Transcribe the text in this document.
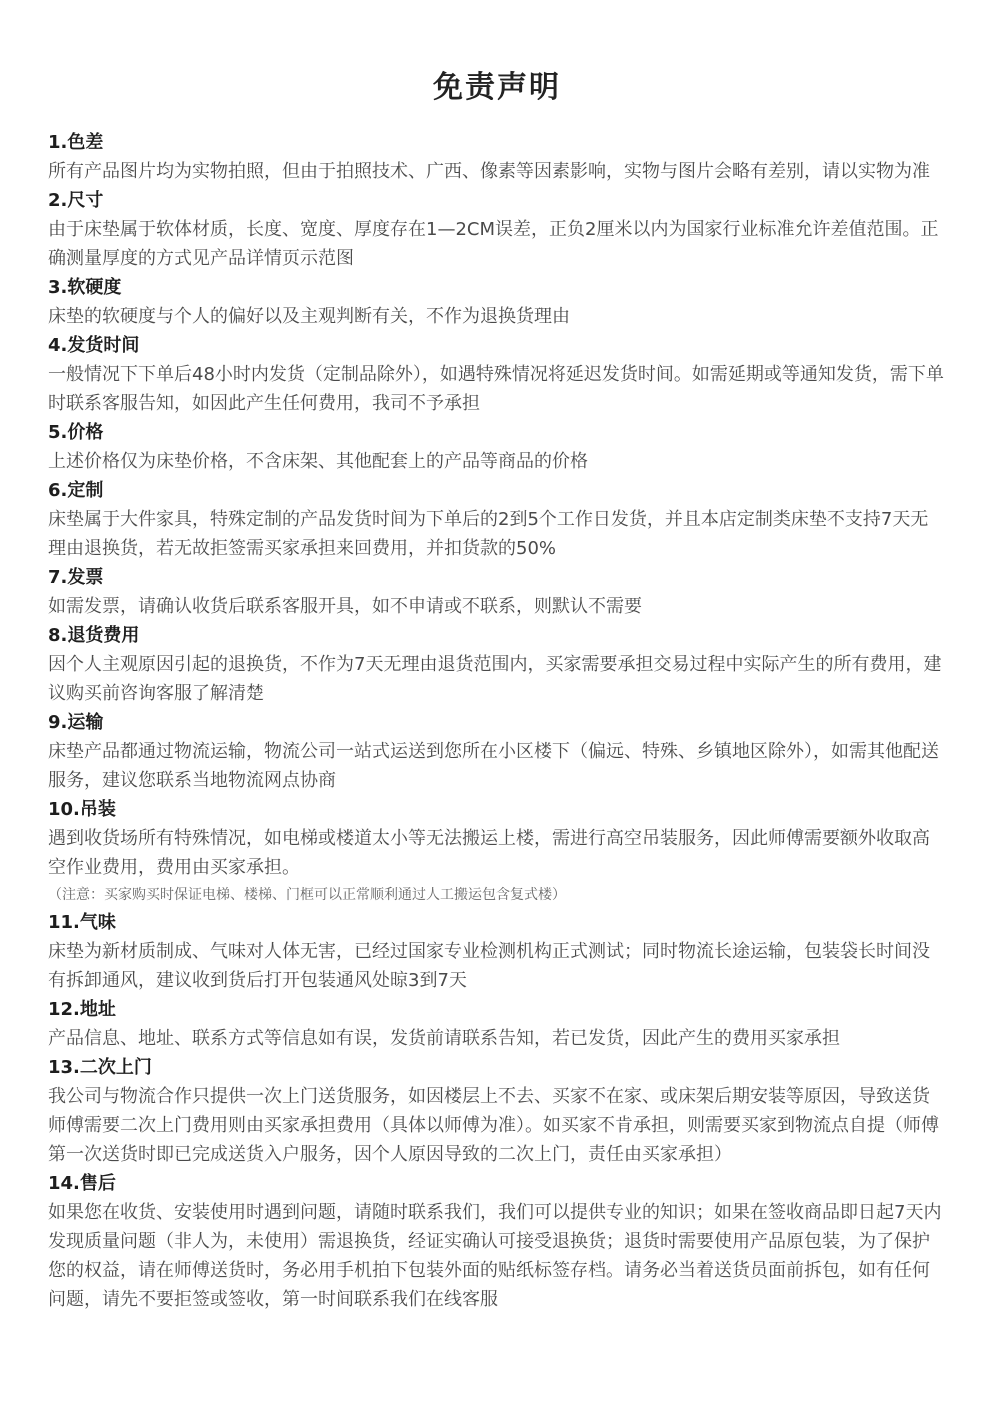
免责声明

1.色差

所有产品图片均为实物拍照，但由于拍照技术、广西、像素等因素影响，实物与图片会略有差别，请以实物为准

2.尺寸

由于床垫属于软体材质，长度、宽度、厚度存在1—2CM误差，正负2厘米以内为国家行业标准允许差值范围。正确测量厚度的方式见产品详情页示范图

3.软硬度

床垫的软硬度与个人的偏好以及主观判断有关，不作为退换货理由

4.发货时间

一般情况下下单后48小时内发货（定制品除外），如遇特殊情况将延迟发货时间。如需延期或等通知发货，需下单时联系客服告知，如因此产生任何费用，我司不予承担

5.价格

上述价格仅为床垫价格，不含床架、其他配套上的产品等商品的价格

6.定制

床垫属于大件家具，特殊定制的产品发货时间为下单后的2到5个工作日发货，并且本店定制类床垫不支持7天无理由退换货，若无故拒签需买家承担来回费用，并扣货款的50%

7.发票

如需发票，请确认收货后联系客服开具，如不申请或不联系，则默认不需要

8.退货费用

因个人主观原因引起的退换货，不作为7天无理由退货范围内，买家需要承担交易过程中实际产生的所有费用，建议购买前咨询客服了解清楚

9.运输

床垫产品都通过物流运输，物流公司一站式运送到您所在小区楼下（偏远、特殊、乡镇地区除外），如需其他配送服务，建议您联系当地物流网点协商

10.吊装

遇到收货场所有特殊情况，如电梯或楼道太小等无法搬运上楼，需进行高空吊装服务，因此师傅需要额外收取高空作业费用，费用由买家承担。

（注意：买家购买时保证电梯、楼梯、门框可以正常顺利通过人工搬运包含复式楼）

11.气味

床垫为新材质制成、气味对人体无害，已经过国家专业检测机构正式测试；同时物流长途运输，包装袋长时间没有拆卸通风，建议收到货后打开包装通风处晾3到7天

12.地址

产品信息、地址、联系方式等信息如有误，发货前请联系告知，若已发货，因此产生的费用买家承担

13.二次上门

我公司与物流合作只提供一次上门送货服务，如因楼层上不去、买家不在家、或床架后期安装等原因，导致送货师傅需要二次上门费用则由买家承担费用（具体以师傅为准）。如买家不肯承担，则需要买家到物流点自提（师傅第一次送货时即已完成送货入户服务，因个人原因导致的二次上门，责任由买家承担）

14.售后

如果您在收货、安装使用时遇到问题，请随时联系我们，我们可以提供专业的知识；如果在签收商品即日起7天内发现质量问题（非人为，未使用）需退换货，经证实确认可接受退换货；退货时需要使用产品原包装，为了保护您的权益，请在师傅送货时，务必用手机拍下包装外面的贴纸标签存档。请务必当着送货员面前拆包，如有任何问题，请先不要拒签或签收，第一时间联系我们在线客服
